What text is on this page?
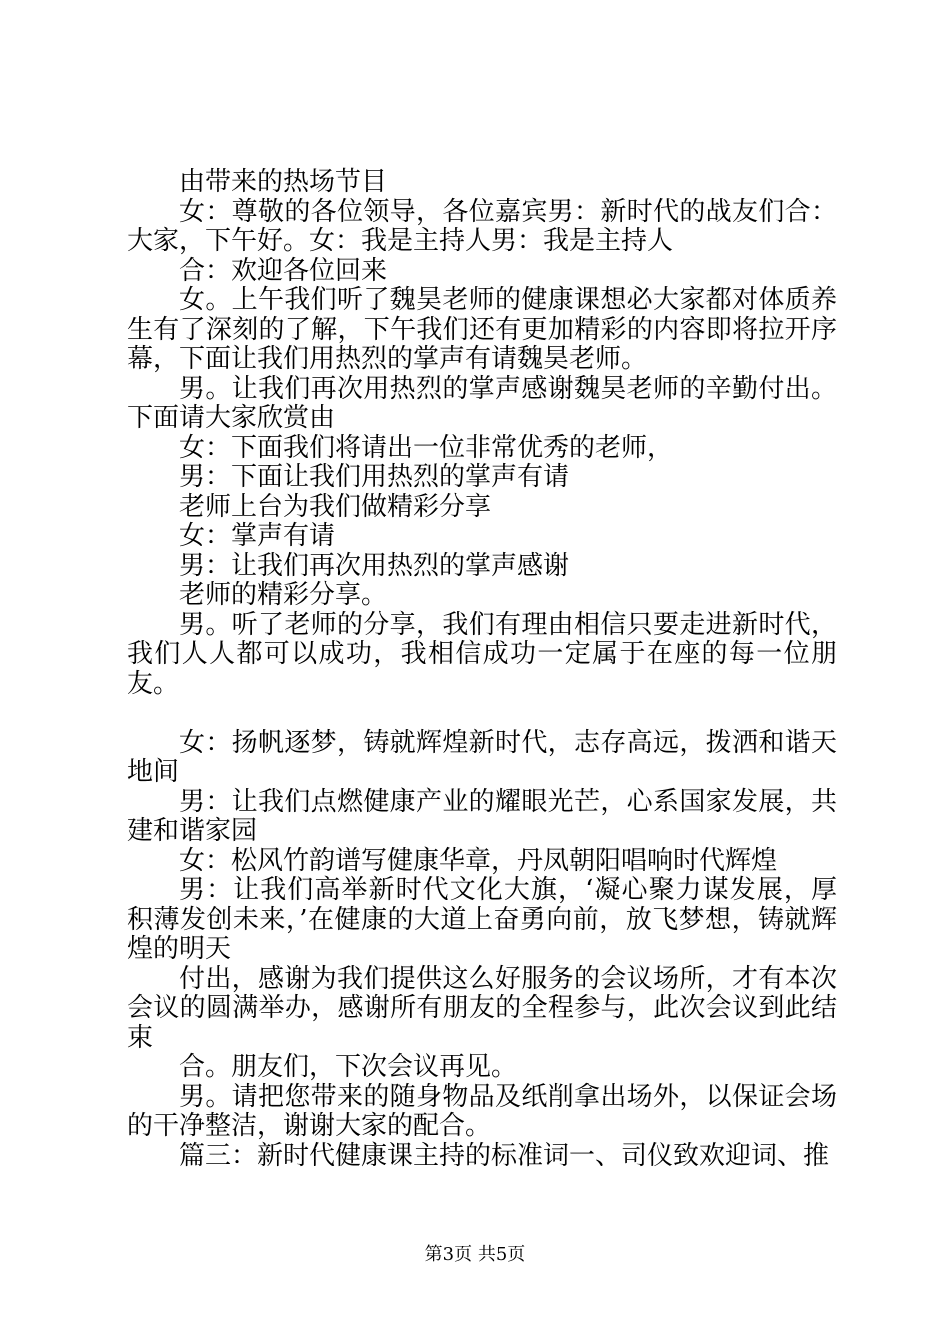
由带来的热场节目

女：尊敬的各位领导，各位嘉宾男：新时代的战友们合：大家，下午好。女：我是主持人男：我是主持人

合：欢迎各位回来

女。上午我们听了魏昊老师的健康课想必大家都对体质养生有了深刻的了解，下午我们还有更加精彩的内容即将拉开序幕，下面让我们用热烈的掌声有请魏昊老师。

男。让我们再次用热烈的掌声感谢魏昊老师的辛勤付出。下面请大家欣赏由

女：下面我们将请出一位非常优秀的老师，

男：下面让我们用热烈的掌声有请

老师上台为我们做精彩分享

女：掌声有请

男：让我们再次用热烈的掌声感谢

老师的精彩分享。

男。听了老师的分享，我们有理由相信只要走进新时代，我们人人都可以成功，我相信成功一定属于在座的每一位朋友。

女：扬帆逐梦，铸就辉煌新时代，志存高远，拨洒和谐天地间

男：让我们点燃健康产业的耀眼光芒，心系国家发展，共建和谐家园

女：松风竹韵谱写健康华章，丹凤朝阳唱响时代辉煌

男：让我们高举新时代文化大旗，‘凝心聚力谋发展，厚积薄发创未来，’在健康的大道上奋勇向前，放飞梦想，铸就辉煌的明天

付出，感谢为我们提供这么好服务的会议场所，才有本次会议的圆满举办，感谢所有朋友的全程参与，此次会议到此结束

合。朋友们，下次会议再见。

男。请把您带来的随身物品及纸削拿出场外，以保证会场的干净整洁，谢谢大家的配合。

篇三：新时代健康课主持的标准词一、司仪致欢迎词、推

第3页 共5页
